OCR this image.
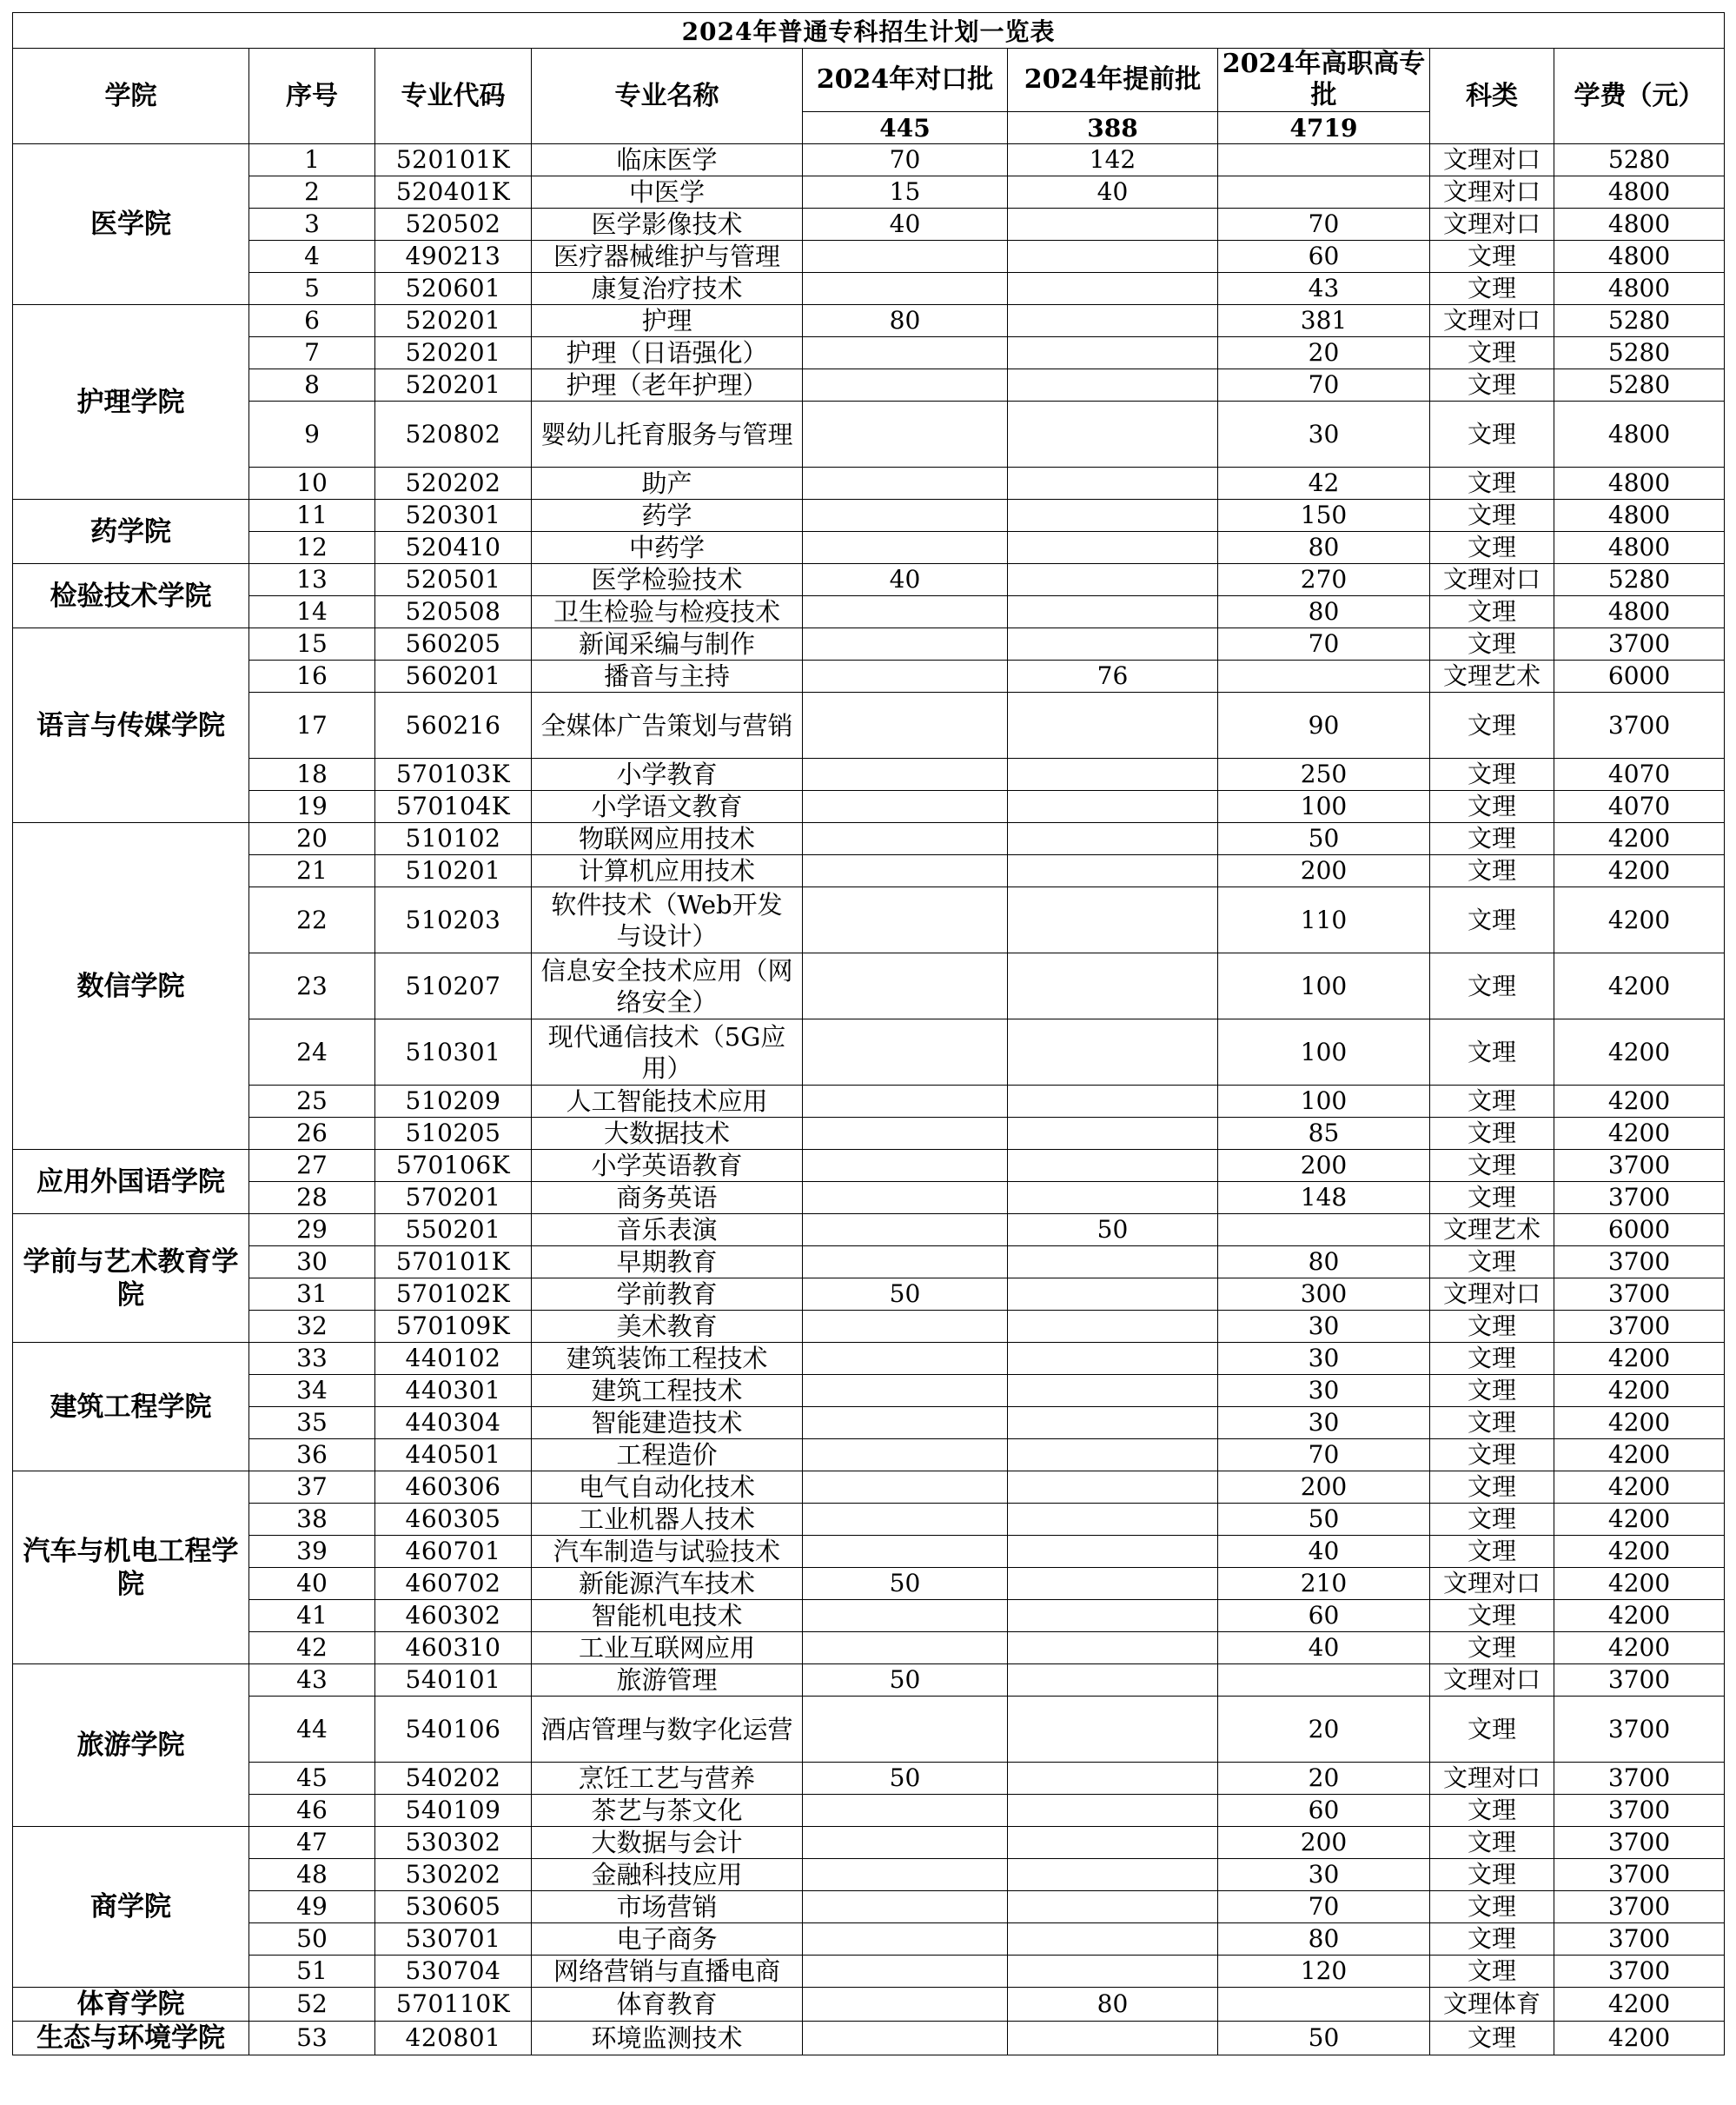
2024年普通专科招生计划一览表								
学院	序号	专业代码	专业名称	2024年对口批	2024年提前批	2024年高职高专批	科类	学费（元）
				445	388	4719		
医学院	1	520101K	临床医学	70	142		文理对口	5280
	2	520401K	中医学	15	40		文理对口	4800
	3	520502	医学影像技术	40		70	文理对口	4800
	4	490213	医疗器械维护与管理			60	文理	4800
	5	520601	康复治疗技术			43	文理	4800
护理学院	6	520201	护理	80		381	文理对口	5280
	7	520201	护理（日语强化）			20	文理	5280
	8	520201	护理（老年护理）			70	文理	5280
	9	520802	婴幼儿托育服务与管理			30	文理	4800
	10	520202	助产			42	文理	4800
药学院	11	520301	药学			150	文理	4800
	12	520410	中药学			80	文理	4800
检验技术学院	13	520501	医学检验技术	40		270	文理对口	5280
	14	520508	卫生检验与检疫技术			80	文理	4800
语言与传媒学院	15	560205	新闻采编与制作			70	文理	3700
	16	560201	播音与主持		76		文理艺术	6000
	17	560216	全媒体广告策划与营销			90	文理	3700
	18	570103K	小学教育			250	文理	4070
	19	570104K	小学语文教育			100	文理	4070
数信学院	20	510102	物联网应用技术			50	文理	4200
	21	510201	计算机应用技术			200	文理	4200
	22	510203	软件技术（Web开发与设计）			110	文理	4200
	23	510207	信息安全技术应用（网络安全）			100	文理	4200
	24	510301	现代通信技术（5G应用）			100	文理	4200
	25	510209	人工智能技术应用			100	文理	4200
	26	510205	大数据技术			85	文理	4200
应用外国语学院	27	570106K	小学英语教育			200	文理	3700
	28	570201	商务英语			148	文理	3700
学前与艺术教育学院	29	550201	音乐表演		50		文理艺术	6000
	30	570101K	早期教育			80	文理	3700
	31	570102K	学前教育	50		300	文理对口	3700
	32	570109K	美术教育			30	文理	3700
建筑工程学院	33	440102	建筑装饰工程技术			30	文理	4200
	34	440301	建筑工程技术			30	文理	4200
	35	440304	智能建造技术			30	文理	4200
	36	440501	工程造价			70	文理	4200
汽车与机电工程学院	37	460306	电气自动化技术			200	文理	4200
	38	460305	工业机器人技术			50	文理	4200
	39	460701	汽车制造与试验技术			40	文理	4200
	40	460702	新能源汽车技术	50		210	文理对口	4200
	41	460302	智能机电技术			60	文理	4200
	42	460310	工业互联网应用			40	文理	4200
旅游学院	43	540101	旅游管理	50			文理对口	3700
	44	540106	酒店管理与数字化运营			20	文理	3700
	45	540202	烹饪工艺与营养	50		20	文理对口	3700
	46	540109	茶艺与茶文化			60	文理	3700
商学院	47	530302	大数据与会计			200	文理	3700
	48	530202	金融科技应用			30	文理	3700
	49	530605	市场营销			70	文理	3700
	50	530701	电子商务			80	文理	3700
	51	530704	网络营销与直播电商			120	文理	3700
体育学院	52	570110K	体育教育		80		文理体育	4200
生态与环境学院	53	420801	环境监测技术			50	文理	4200
